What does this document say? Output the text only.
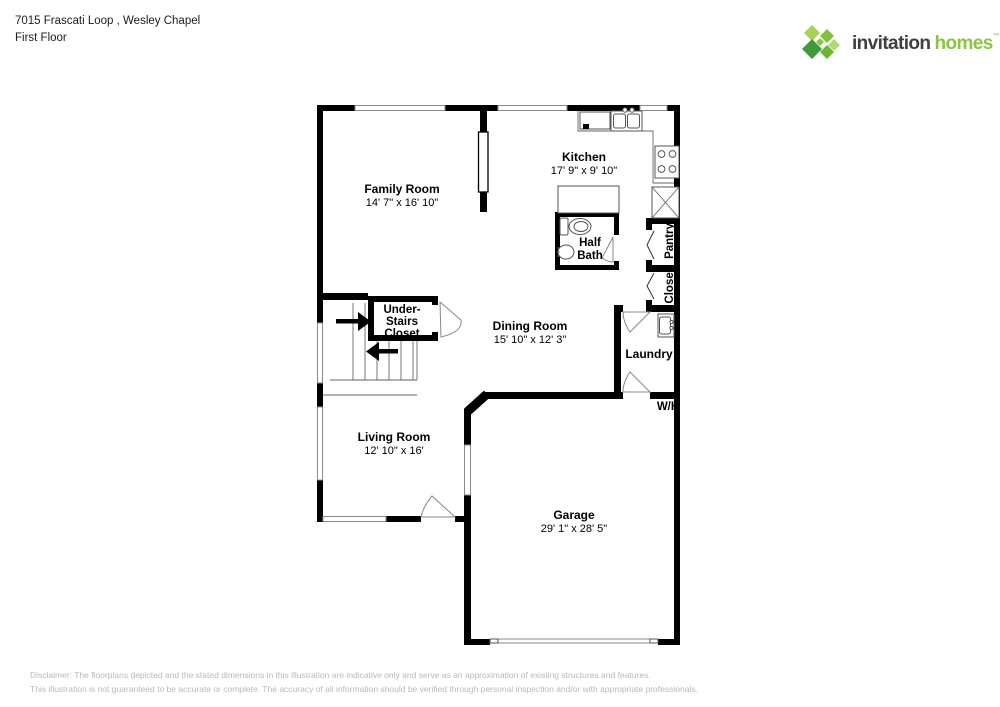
7015 Frascati Loop , Wesley Chapel
First Floor	invitation homes™
Family Room
14' 7" x 16' 10"
Kitchen
17' 9" x 9' 10"
Half
Bath	Pantry
Closet
Dining Room
15' 10" x 12' 3"
Laundry
W/H
Under-
Stairs
Closet
Living Room
12' 10" x 16'
Garage
29' 1" x 28' 5"
Disclaimer: The floorplans depicted and the stated dimensions in this illustration are indicative only and serve as an approximation of existing structures and features.
This illustration is not guaranteed to be accurate or complete. The accuracy of all information should be verified through personal inspection and/or with appropriate professionals.
